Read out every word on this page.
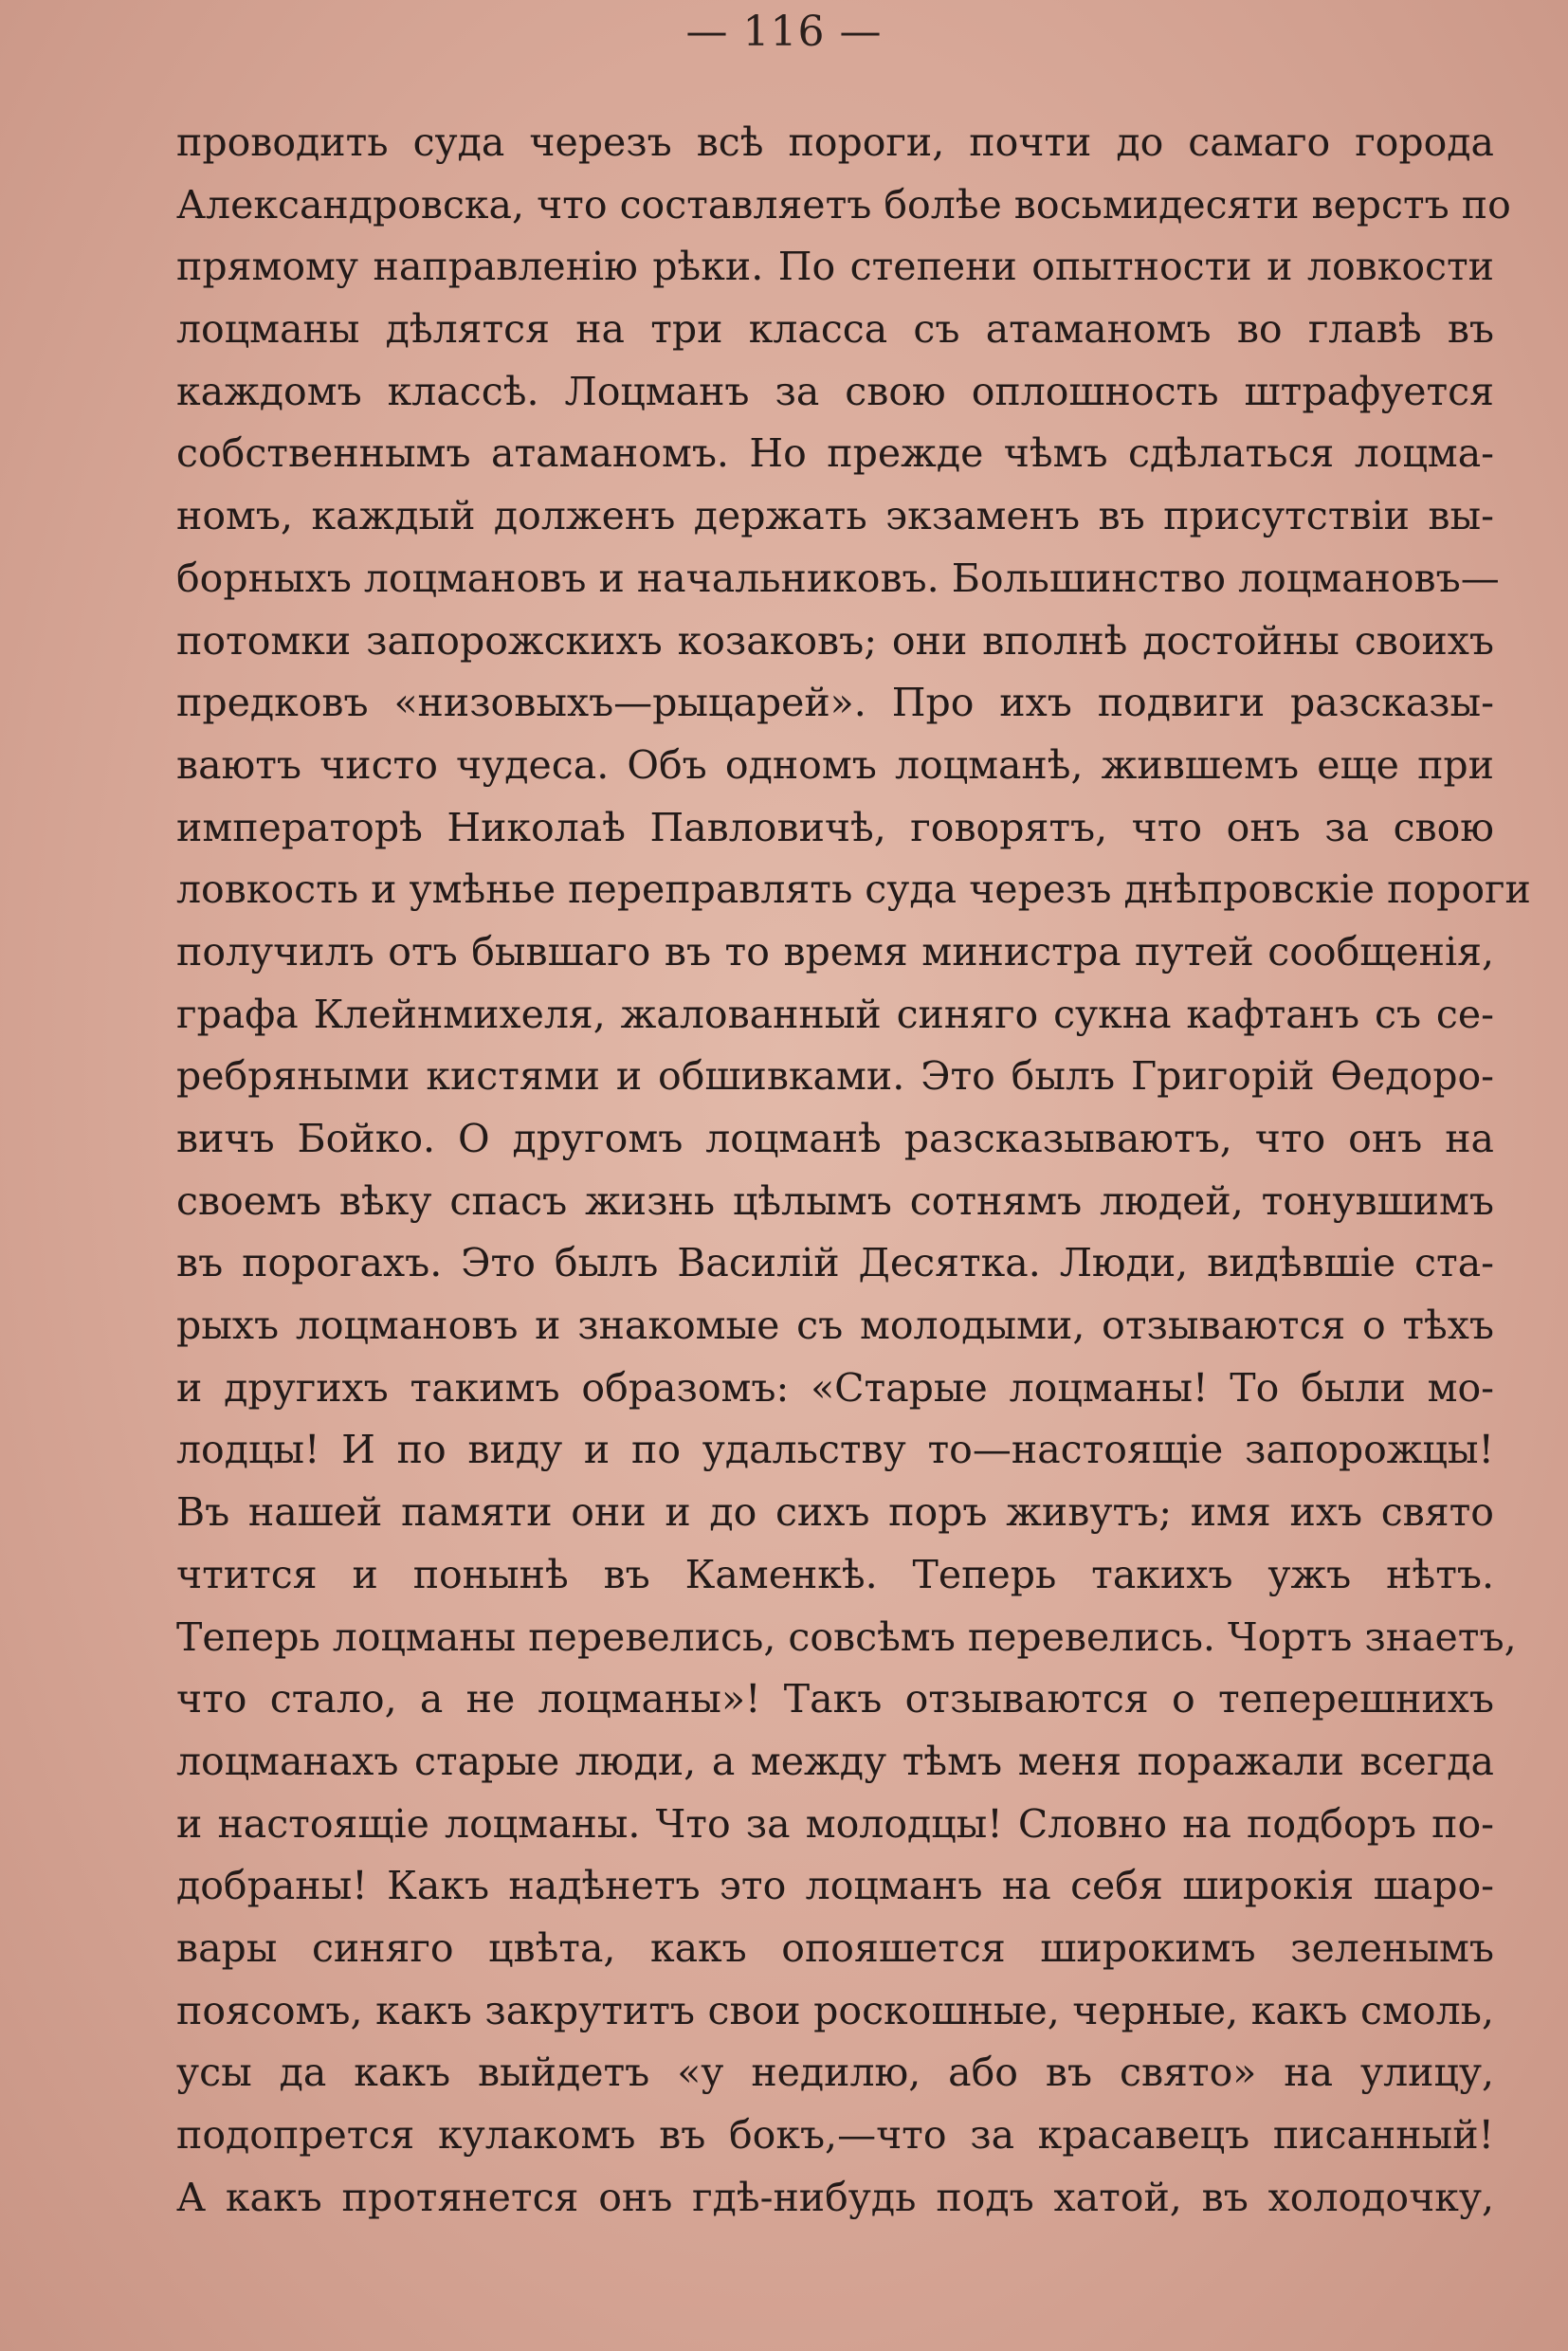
— 116 —
проводить суда черезъ всѣ пороги, почти до самаго города
Александровска, что составляетъ болѣе восьмидесяти верстъ по
прямому направленію рѣки. По степени опытности и ловкости
лоцманы дѣлятся на три класса съ атаманомъ во главѣ въ
каждомъ классѣ. Лоцманъ за свою оплошность штрафуется
собственнымъ атаманомъ. Но прежде чѣмъ сдѣлаться лоцма-
номъ, каждый долженъ держать экзаменъ въ присутствіи вы-
борныхъ лоцмановъ и начальниковъ. Большинство лоцмановъ—
потомки запорожскихъ козаковъ; они вполнѣ достойны своихъ
предковъ «низовыхъ—рыцарей». Про ихъ подвиги разсказы-
ваютъ чисто чудеса. Объ одномъ лоцманѣ, жившемъ еще при
императорѣ Николаѣ Павловичѣ, говорятъ, что онъ за свою
ловкость и умѣнье переправлять суда черезъ днѣпровскіе пороги
получилъ отъ бывшаго въ то время министра путей сообщенія,
графа Клейнмихеля, жалованный синяго сукна кафтанъ съ се-
ребряными кистями и обшивками. Это былъ Григорій Ѳедоро-
вичъ Бойко. О другомъ лоцманѣ разсказываютъ, что онъ на
своемъ вѣку спасъ жизнь цѣлымъ сотнямъ людей, тонувшимъ
въ порогахъ. Это былъ Василій Десятка. Люди, видѣвшіе ста-
рыхъ лоцмановъ и знакомые съ молодыми, отзываются о тѣхъ
и другихъ такимъ образомъ: «Старые лоцманы! То были мо-
лодцы! И по виду и по удальству то—настоящіе запорожцы!
Въ нашей памяти они и до сихъ поръ живутъ; имя ихъ свято
чтится и понынѣ въ Каменкѣ. Теперь такихъ ужъ нѣтъ.
Теперь лоцманы перевелись, совсѣмъ перевелись. Чортъ знаетъ,
что стало, а не лоцманы»! Такъ отзываются о теперешнихъ
лоцманахъ старые люди, а между тѣмъ меня поражали всегда
и настоящіе лоцманы. Что за молодцы! Словно на подборъ по-
добраны! Какъ надѣнетъ это лоцманъ на себя широкія шаро-
вары синяго цвѣта, какъ опояшется широкимъ зеленымъ
поясомъ, какъ закрутитъ свои роскошные, черные, какъ смоль,
усы да какъ выйдетъ «у недилю, або въ свято» на улицу,
подопрется кулакомъ въ бокъ,—что за красавецъ писанный!
А какъ протянется онъ гдѣ-нибудь подъ хатой, въ холодочку,
